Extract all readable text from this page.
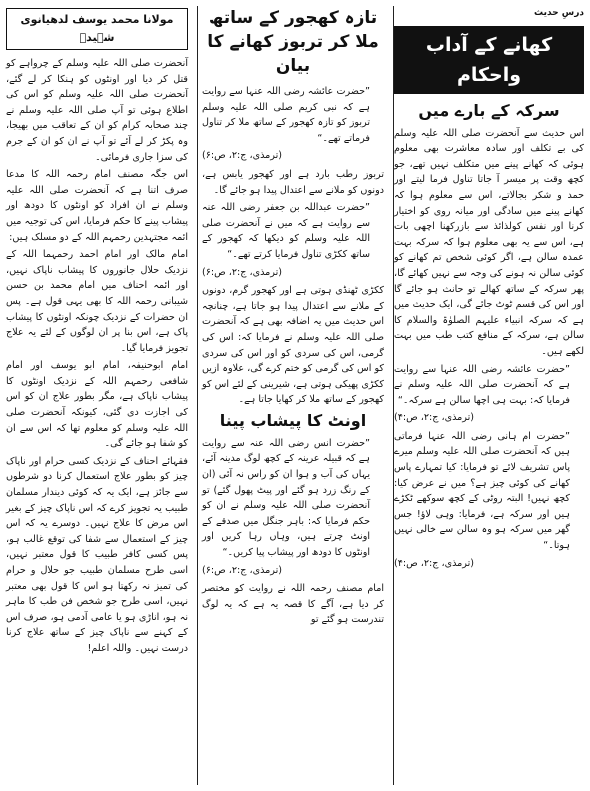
درسِ حدیث
کھانے کے آداب واحکام
سرکہ کے بارے میں

اس حدیث سے آنحضرت صلی اللہ علیہ وسلم کی بے تکلف اور سادہ معاشرت بھی معلوم ہوئی کہ کھانے پینے میں متکلف نہیں تھے، جو کچھ وقت پر میسر آ جاتا تناول فرما لیتے اور حمد و شکر بجالاتے، اس سے معلوم ہوا کہ کھانے پینے میں سادگی اور میانہ روی کو اختیار کرنا اور نفس کولذائذ سے بازرکھنا اچھی بات ہے، اس سے یہ بھی معلوم ہوا کہ سرکہ بہت عمدہ سالن ہے، اگر کوئی شخص تم کھانے کو کوئی سالن نہ ہونے کی وجہ سے نہیں کھائے گا، پھر سرکہ کے ساتھ کھالے تو حانث ہو جائے گا اور اس کی قسم ٹوٹ جائے گی، ایک حدیث میں ہے کہ سرکہ انبیاء علیہم الصلوٰۃ والسلام کا سالن ہے، سرکہ کے منافع کتب طب میں بہت لکھے ہیں۔

”حضرت عائشہ رضی اللہ عنہا سے روایت ہے کہ آنحضرت صلی اللہ علیہ وسلم نے فرمایا کہ: بہت ہی اچھا سالن ہے سرکہ۔“

(ترمذی، ج:۲، ص:۴)

”حضرت ام ہانی رضی اللہ عنہا فرماتی ہیں کہ آنحضرت صلی اللہ علیہ وسلم میرے پاس تشریف لائے تو فرمایا: کیا تمہارے پاس کھانے کی کوئی چیز ہے؟ میں نے عرض کیا: کچھ نہیں! البتہ روٹی کے کچھ سوکھے ٹکڑے ہیں اور سرکہ ہے، فرمایا: وہی لاؤ! جس گھر میں سرکہ ہو وہ سالن سے خالی نہیں ہوتا۔“

(ترمذی، ج:۲، ص:۴)

تازہ کھجور کے ساتھ ملا کر تربوز کھانے کا بیان

”حضرت عائشہ رضی اللہ عنہا سے روایت ہے کہ نبی کریم صلی اللہ علیہ وسلم تربوز کو تازہ کھجور کے ساتھ ملا کر تناول فرماتے تھے۔“

(ترمذی، ج:۲، ص:۶)

تربوز رطب بارد ہے اور کھجور یابس ہے، دونوں کو ملانے سے اعتدال پیدا ہو جائے گا۔

”حضرت عبداللہ بن جعفر رضی اللہ عنہ سے روایت ہے کہ میں نے آنحضرت صلی اللہ علیہ وسلم کو دیکھا کہ کھجور کے ساتھ ککڑی تناول فرمایا کرتے تھے۔“

(ترمذی، ج:۲، ص:۶)

ککڑی ٹھنڈی ہوتی ہے اور کھجور گرم، دونوں کے ملانے سے اعتدال پیدا ہو جاتا ہے، چنانچہ اس حدیث میں یہ اضافہ بھی ہے کہ آنحضرت صلی اللہ علیہ وسلم نے فرمایا کہ: اس کی گرمی، اس کی سردی کو اور اس کی سردی کو اس کی گرمی کو ختم کرے گی، علاوہ ازیں ککڑی پھیکی ہوتی ہے، شیرینی کے لئے اس کو کھجور کے ساتھ ملا کر کھایا جاتا ہے۔

اونٹ کا پیشاب پینا

”حضرت انس رضی اللہ عنہ سے روایت ہے کہ قبیلہ عرینہ کے کچھ لوگ مدینہ آئے، یہاں کی آب و ہوا ان کو راس نہ آئی (ان کے رنگ زرد ہو گئے اور پیٹ پھول گئے) تو آنحضرت صلی اللہ علیہ وسلم نے ان کو حکم فرمایا کہ: باہر جنگل میں صدقے کے اونٹ چرتے ہیں، وہاں رہا کریں اور اونٹوں کا دودھ اور پیشاب پیا کریں۔“

(ترمذی، ج:۲، ص:۶)

امام مصنف رحمہ اللہ نے روایت کو مختصر کر دیا ہے، آگے کا قصہ یہ ہے کہ یہ لوگ تندرست ہو گئے تو

مولانا محمد یوسف لدھیانوی شہیدؒ

آنحضرت صلی اللہ علیہ وسلم کے چرواہے کو قتل کر دیا اور اونٹوں کو ہنکا کر لے گئے، آنحضرت صلی اللہ علیہ وسلم کو اس کی اطلاع ہوئی تو آپ صلی اللہ علیہ وسلم نے چند صحابہ کرام کو ان کے تعاقب میں بھیجا، وہ پکڑ کر لے آئے تو آپ نے ان کو ان کے جرم کی سزا جاری فرمائی۔

اس جگہ مصنف امام رحمہ اللہ کا مدعا صرف اتنا ہے کہ آنحضرت صلی اللہ علیہ وسلم نے ان افراد کو اونٹوں کا دودھ اور پیشاب پینے کا حکم فرمایا، اس کی توجیہ میں ائمہ مجتہدین رحمہم اللہ کے دو مسلک ہیں:

امام مالک اور امام احمد رحمہما اللہ کے نزدیک حلال جانوروں کا پیشاب ناپاک نہیں، اور ائمہ احناف میں امام محمد بن حسن شیبانی رحمہ اللہ کا بھی یہی قول ہے۔ پس ان حضرات کے نزدیک چونکہ اونٹوں کا پیشاب پاک ہے، اس بنا پر ان لوگوں کے لئے یہ علاج تجویز فرمایا گیا۔

امام ابوحنیفہ، امام ابو یوسف اور امام شافعی رحمہم اللہ کے نزدیک اونٹوں کا پیشاب ناپاک ہے، مگر بطور علاج ان کو اس کی اجازت دی گئی، کیونکہ آنحضرت صلی اللہ علیہ وسلم کو معلوم تھا کہ اس سے ان کو شفا ہو جائے گی۔

فقہائے احناف کے نزدیک کسی حرام اور ناپاک چیز کو بطور علاج استعمال کرنا دو شرطوں سے جائز ہے، ایک یہ کہ کوئی دیندار مسلمان طبیب یہ تجویز کرے کہ اس ناپاک چیز کے بغیر اس مرض کا علاج نہیں۔ دوسرے یہ کہ اس چیز کے استعمال سے شفا کی توقع غالب ہو، پس کسی کافر طبیب کا قول معتبر نہیں، اسی طرح مسلمان طبیب جو حلال و حرام کی تمیز نہ رکھتا ہو اس کا قول بھی معتبر نہیں، اسی طرح جو شخص فن طب کا ماہر نہ ہو، اناڑی ہو یا عامی آدمی ہو، صرف اس کے کہنے سے ناپاک چیز کے ساتھ علاج کرنا درست نہیں۔ واللہ اعلم!
